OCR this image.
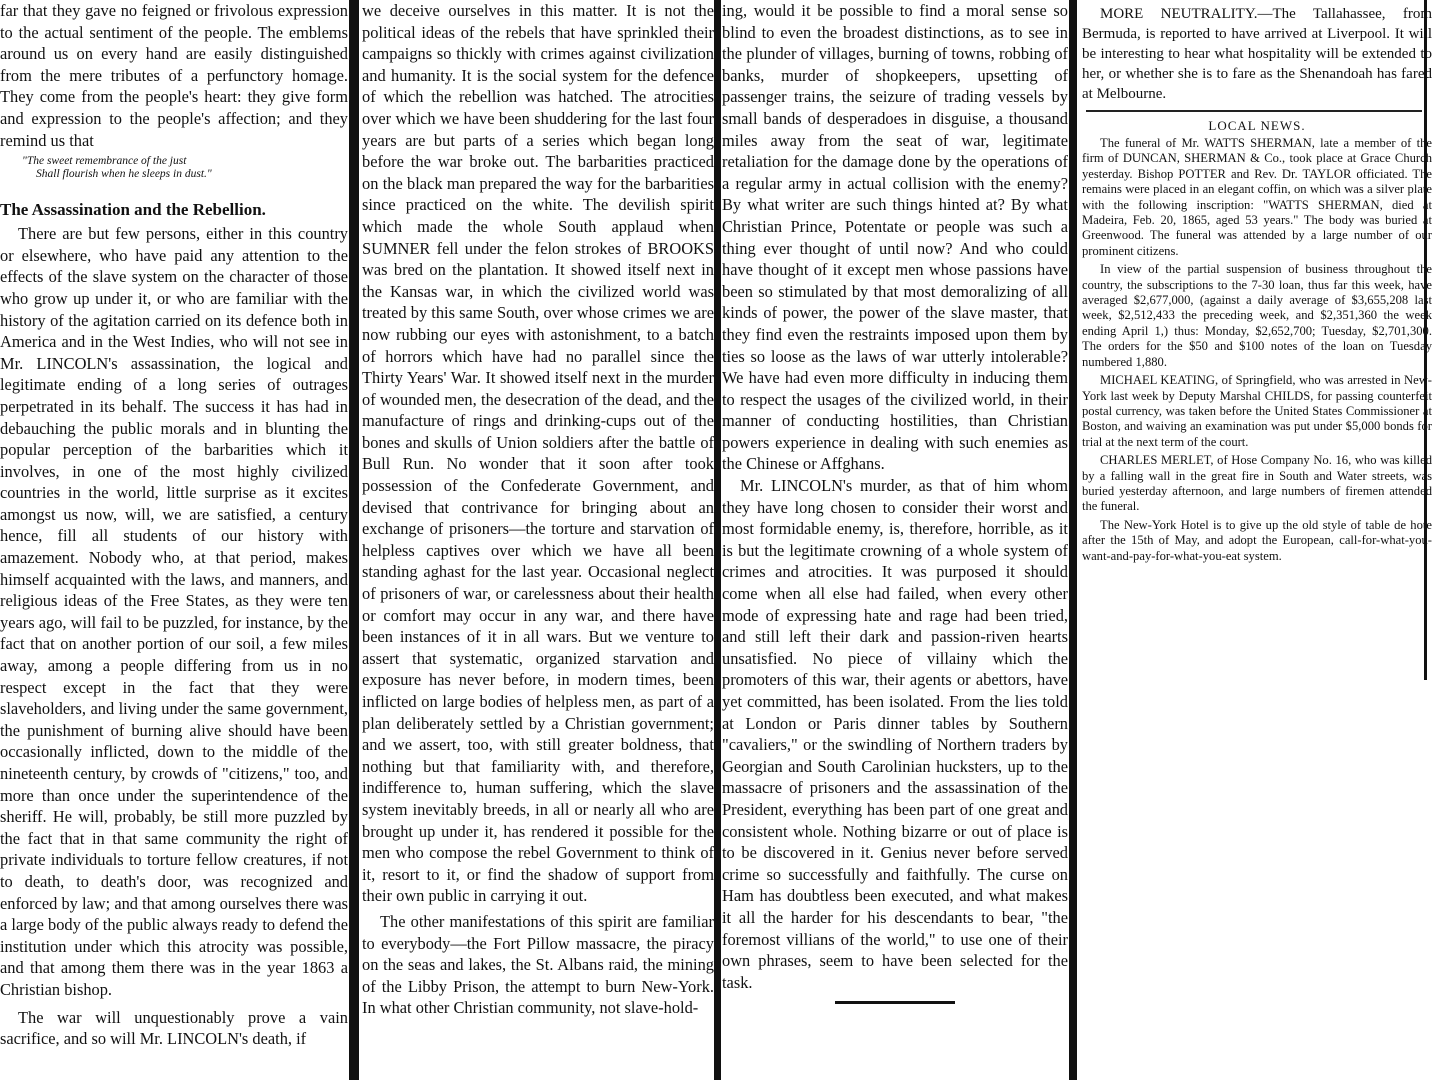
far that they gave no feigned or frivolous expression to the actual sentiment of the people. The emblems around us on every hand are easily distinguished from the mere tributes of a perfunctory homage. They come from the people's heart: they give form and expression to the people's affection; and they remind us that

"The sweet remembrance of the just
Shall flourish when he sleeps in dust."
The Assassination and the Rebellion.

There are but few persons, either in this country or elsewhere, who have paid any attention to the effects of the slave system on the character of those who grow up under it, or who are familiar with the history of the agitation carried on its defence both in America and in the West Indies, who will not see in Mr. LINCOLN's assassination, the logical and legitimate ending of a long series of outrages perpetrated in its behalf. The success it has had in debauching the public morals and in blunting the popular perception of the barbarities which it involves, in one of the most highly civilized countries in the world, little surprise as it excites amongst us now, will, we are satisfied, a century hence, fill all students of our history with amazement. Nobody who, at that period, makes himself acquainted with the laws, and manners, and religious ideas of the Free States, as they were ten years ago, will fail to be puzzled, for instance, by the fact that on another portion of our soil, a few miles away, among a people differing from us in no respect except in the fact that they were slaveholders, and living under the same government, the punishment of burning alive should have been occasionally inflicted, down to the middle of the nineteenth century, by crowds of "citizens," too, and more than once under the superintendence of the sheriff. He will, probably, be still more puzzled by the fact that in that same community the right of private individuals to torture fellow creatures, if not to death, to death's door, was recognized and enforced by law; and that among ourselves there was a large body of the public always ready to defend the institution under which this atrocity was possible, and that among them there was in the year 1863 a Christian bishop.

The war will unquestionably prove a vain sacrifice, and so will Mr. LINCOLN's death, if

we deceive ourselves in this matter. It is not the political ideas of the rebels that have sprinkled their campaigns so thickly with crimes against civilization and humanity. It is the social system for the defence of which the rebellion was hatched. The atrocities over which we have been shuddering for the last four years are but parts of a series which began long before the war broke out. The barbarities practiced on the black man prepared the way for the barbarities since practiced on the white. The devilish spirit which made the whole South applaud when SUMNER fell under the felon strokes of BROOKS was bred on the plantation. It showed itself next in the Kansas war, in which the civilized world was treated by this same South, over whose crimes we are now rubbing our eyes with astonishment, to a batch of horrors which have had no parallel since the Thirty Years' War. It showed itself next in the murder of wounded men, the desecration of the dead, and the manufacture of rings and drinking-cups out of the bones and skulls of Union soldiers after the battle of Bull Run. No wonder that it soon after took possession of the Confederate Government, and devised that contrivance for bringing about an exchange of prisoners—the torture and starvation of helpless captives over which we have all been standing aghast for the last year. Occasional neglect of prisoners of war, or carelessness about their health or comfort may occur in any war, and there have been instances of it in all wars. But we venture to assert that systematic, organized starvation and exposure has never before, in modern times, been inflicted on large bodies of helpless men, as part of a plan deliberately settled by a Christian government; and we assert, too, with still greater boldness, that nothing but that familiarity with, and therefore, indifference to, human suffering, which the slave system inevitably breeds, in all or nearly all who are brought up under it, has rendered it possible for the men who compose the rebel Government to think of it, resort to it, or find the shadow of support from their own public in carrying it out.

The other manifestations of this spirit are familiar to everybody—the Fort Pillow massacre, the piracy on the seas and lakes, the St. Albans raid, the mining of the Libby Prison, the attempt to burn New-York. In what other Christian community, not slave-hold-

ing, would it be possible to find a moral sense so blind to even the broadest distinctions, as to see in the plunder of villages, burning of towns, robbing of banks, murder of shopkeepers, upsetting of passenger trains, the seizure of trading vessels by small bands of desperadoes in disguise, a thousand miles away from the seat of war, legitimate retaliation for the damage done by the operations of a regular army in actual collision with the enemy? By what writer are such things hinted at? By what Christian Prince, Potentate or people was such a thing ever thought of until now? And who could have thought of it except men whose passions have been so stimulated by that most demoralizing of all kinds of power, the power of the slave master, that they find even the restraints imposed upon them by ties so loose as the laws of war utterly intolerable? We have had even more difficulty in inducing them to respect the usages of the civilized world, in their manner of conducting hostilities, than Christian powers experience in dealing with such enemies as the Chinese or Affghans.

Mr. LINCOLN's murder, as that of him whom they have long chosen to consider their worst and most formidable enemy, is, therefore, horrible, as it is but the legitimate crowning of a whole system of crimes and atrocities. It was purposed it should come when all else had failed, when every other mode of expressing hate and rage had been tried, and still left their dark and passion-riven hearts unsatisfied. No piece of villainy which the promoters of this war, their agents or abettors, have yet committed, has been isolated. From the lies told at London or Paris dinner tables by Southern "cavaliers," or the swindling of Northern traders by Georgian and South Carolinian hucksters, up to the massacre of prisoners and the assassination of the President, everything has been part of one great and consistent whole. Nothing bizarre or out of place is to be discovered in it. Genius never before served crime so successfully and faithfully. The curse on Ham has doubtless been executed, and what makes it all the harder for his descendants to bear, "the foremost villians of the world," to use one of their own phrases, seem to have been selected for the task.

MORE NEUTRALITY.—The Tallahassee, from Bermuda, is reported to have arrived at Liverpool. It will be interesting to hear what hospitality will be extended to her, or whether she is to fare as the Shenandoah has fared at Melbourne.

LOCAL NEWS.

The funeral of Mr. WATTS SHERMAN, late a member of the firm of DUNCAN, SHERMAN & Co., took place at Grace Church yesterday. Bishop POTTER and Rev. Dr. TAYLOR officiated. The remains were placed in an elegant coffin, on which was a silver plate with the following inscription: "WATTS SHERMAN, died at Madeira, Feb. 20, 1865, aged 53 years." The body was buried at Greenwood. The funeral was attended by a large number of our prominent citizens.

In view of the partial suspension of business throughout the country, the subscriptions to the 7-30 loan, thus far this week, have averaged $2,677,000, (against a daily average of $3,655,208 last week, $2,512,433 the preceding week, and $2,351,360 the week ending April 1,) thus: Monday, $2,652,700; Tuesday, $2,701,300. The orders for the $50 and $100 notes of the loan on Tuesday numbered 1,880.

MICHAEL KEATING, of Springfield, who was arrested in New-York last week by Deputy Marshal CHILDS, for passing counterfeit postal currency, was taken before the United States Commissioner at Boston, and waiving an examination was put under $5,000 bonds for trial at the next term of the court.

CHARLES MERLET, of Hose Company No. 16, who was killed by a falling wall in the great fire in South and Water streets, was buried yesterday afternoon, and large numbers of firemen attended the funeral.

The New-York Hotel is to give up the old style of table de hote after the 15th of May, and adopt the European, call-for-what-you-want-and-pay-for-what-you-eat system.
